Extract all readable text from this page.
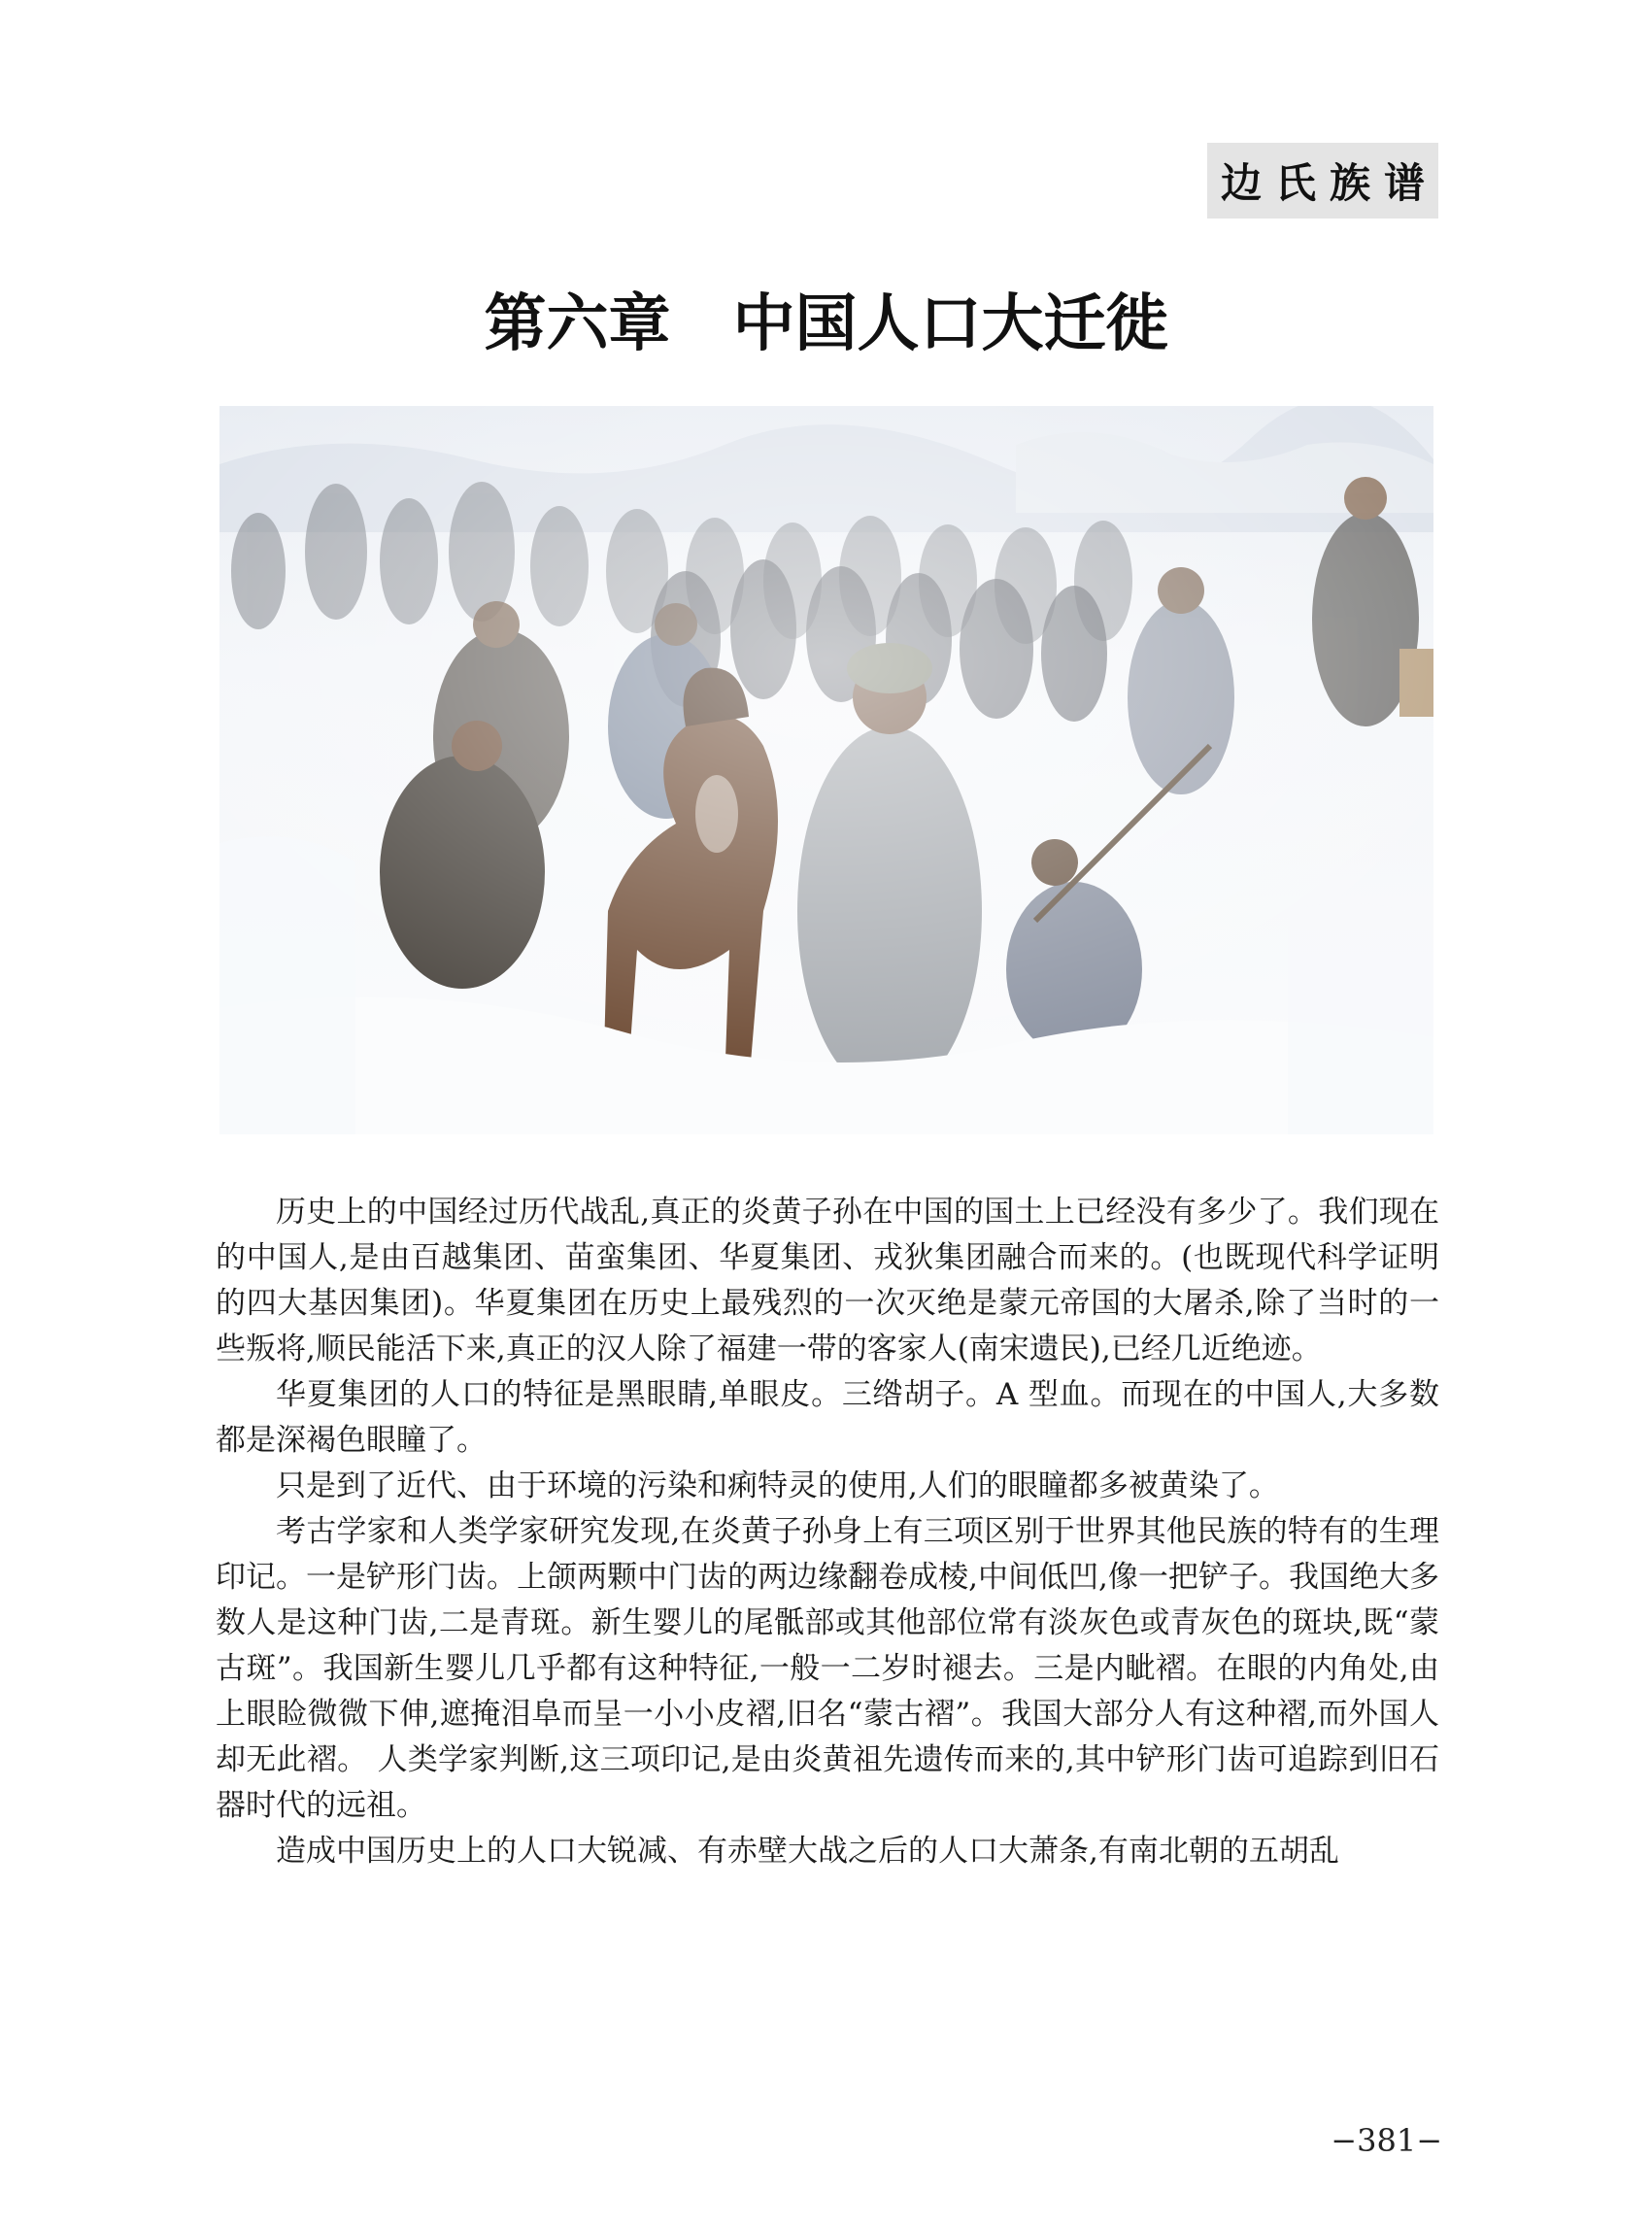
边氏族谱
第六章　中国人口大迁徙

历史上的中国经过历代战乱,真正的炎黄子孙在中国的国土上已经没有多少了。我们现在的中国人,是由百越集团、苗蛮集团、华夏集团、戎狄集团融合而来的。(也既现代科学证明的四大基因集团)。华夏集团在历史上最残烈的一次灭绝是蒙元帝国的大屠杀,除了当时的一些叛将,顺民能活下来,真正的汉人除了福建一带的客家人(南宋遗民),已经几近绝迹。

华夏集团的人口的特征是黑眼睛,单眼皮。三绺胡子。A 型血。而现在的中国人,大多数都是深褐色眼瞳了。

只是到了近代、由于环境的污染和痢特灵的使用,人们的眼瞳都多被黄染了。

考古学家和人类学家研究发现,在炎黄子孙身上有三项区别于世界其他民族的特有的生理印记。一是铲形门齿。上颌两颗中门齿的两边缘翻卷成棱,中间低凹,像一把铲子。我国绝大多数人是这种门齿,二是青斑。新生婴儿的尾骶部或其他部位常有淡灰色或青灰色的斑块,既“蒙古斑”。我国新生婴儿几乎都有这种特征,一般一二岁时褪去。三是内眦褶。在眼的内角处,由上眼睑微微下伸,遮掩泪阜而呈一小小皮褶,旧名“蒙古褶”。我国大部分人有这种褶,而外国人却无此褶。 人类学家判断,这三项印记,是由炎黄祖先遗传而来的,其中铲形门齿可追踪到旧石器时代的远祖。

造成中国历史上的人口大锐减、有赤壁大战之后的人口大萧条,有南北朝的五胡乱

−381−
